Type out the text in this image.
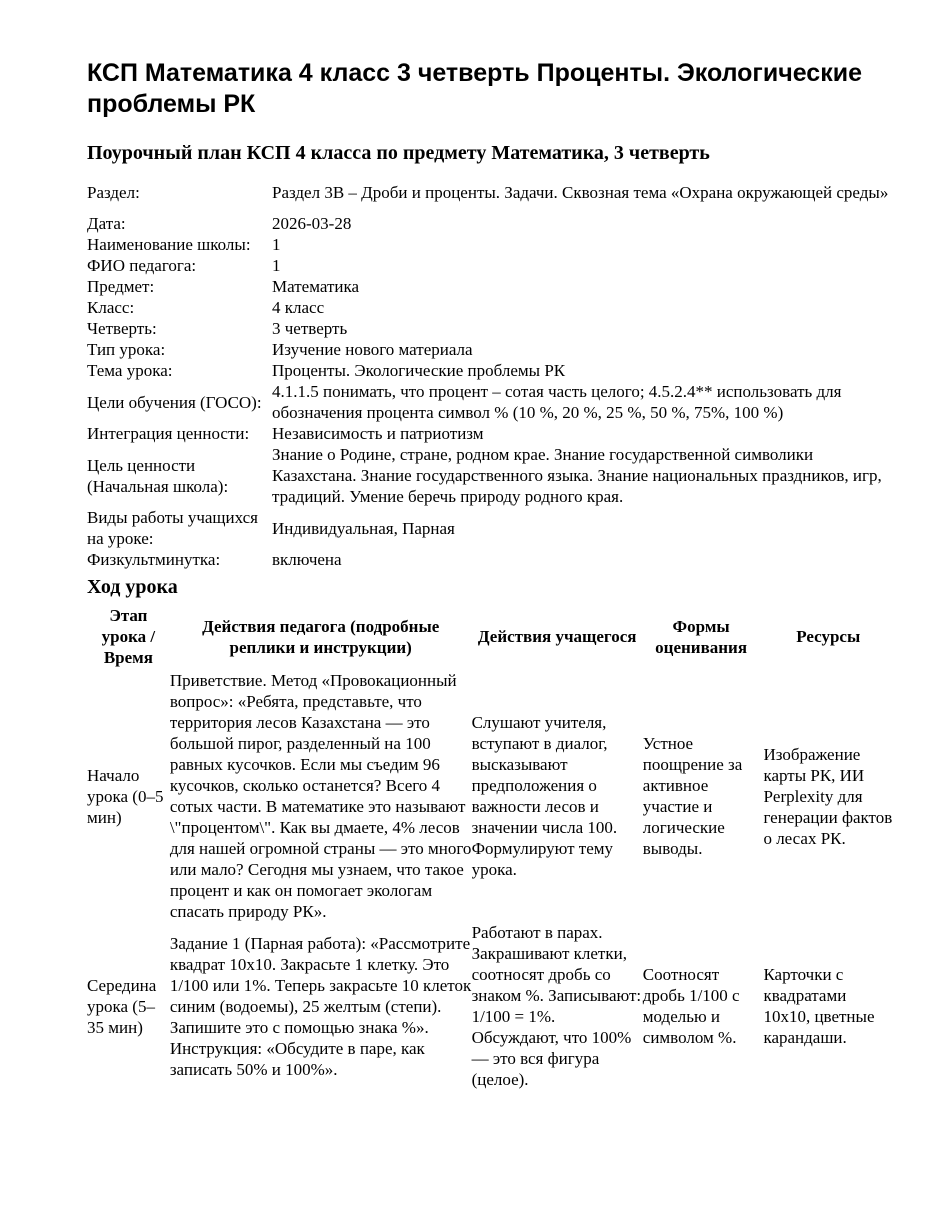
КСП Математика 4 класс 3 четверть Проценты. Экологические проблемы РК
Поурочный план КСП 4 класса по предмету Математика, 3 четверть
Раздел:	Раздел 3В – Дроби и проценты. Задачи. Сквозная тема «Охрана окружающей среды»
Дата:	2026-03-28
Наименование школы:	1
ФИО педагога:	1
Предмет:	Математика
Класс:	4 класс
Четверть:	3 четверть
Тип урока:	Изучение нового материала
Тема урока:	Проценты. Экологические проблемы РК
Цели обучения (ГОСО):	4.1.1.5 понимать, что процент – сотая часть целого; 4.5.2.4** использовать для обозначения процента символ % (10 %, 20 %, 25 %, 50 %, 75%, 100 %)
Интеграция ценности:	Независимость и патриотизм
Цель ценности (Начальная школа):	Знание о Родине, стране, родном крае. Знание государственной символики Казахстана. Знание государственного языка. Знание национальных праздников, игр, традиций. Умение беречь природу родного края.
Виды работы учащихся на уроке:	Индивидуальная, Парная
Физкультминутка:	включена
Ход урока
Этап урока / Время	Действия педагога (подробные реплики и инструкции)	Действия учащегося	Формы оценивания	Ресурсы
Начало урока (0–5 мин)	Приветствие. Метод «Провокационный вопрос»: «Ребята, представьте, что территория лесов Казахстана — это большой пирог, разделенный на 100 равных кусочков. Если мы съедим 96 кусочков, сколько останется? Всего 4 сотых части. В математике это называют \"процентом\". Как вы дмаете, 4% лесов для нашей огромной страны — это много или мало? Сегодня мы узнаем, что такое процент и как он помогает экологам спасать природу РК».	Слушают учителя, вступают в диалог, высказывают предположения о важности лесов и значении числа 100. Формулируют тему урока.	Устное поощрение за активное участие и логические выводы.	Изображение карты РК, ИИ Perplexity для генерации фактов о лесах РК.
Середина урока (5–35 мин)	Задание 1 (Парная работа): «Рассмотрите квадрат 10x10. Закрасьте 1 клетку. Это 1/100 или 1%. Теперь закрасьте 10 клеток синим (водоемы), 25 желтым (степи). Запишите это с помощью знака %». Инструкция: «Обсудите в паре, как записать 50% и 100%».	Работают в парах. Закрашивают клетки, соотносят дробь со знаком %. Записывают: 1/100 = 1%. Обсуждают, что 100% — это вся фигура (целое).	Соотносят дробь 1/100 с моделью и символом %.	Карточки с квадратами 10x10, цветные карандаши.
